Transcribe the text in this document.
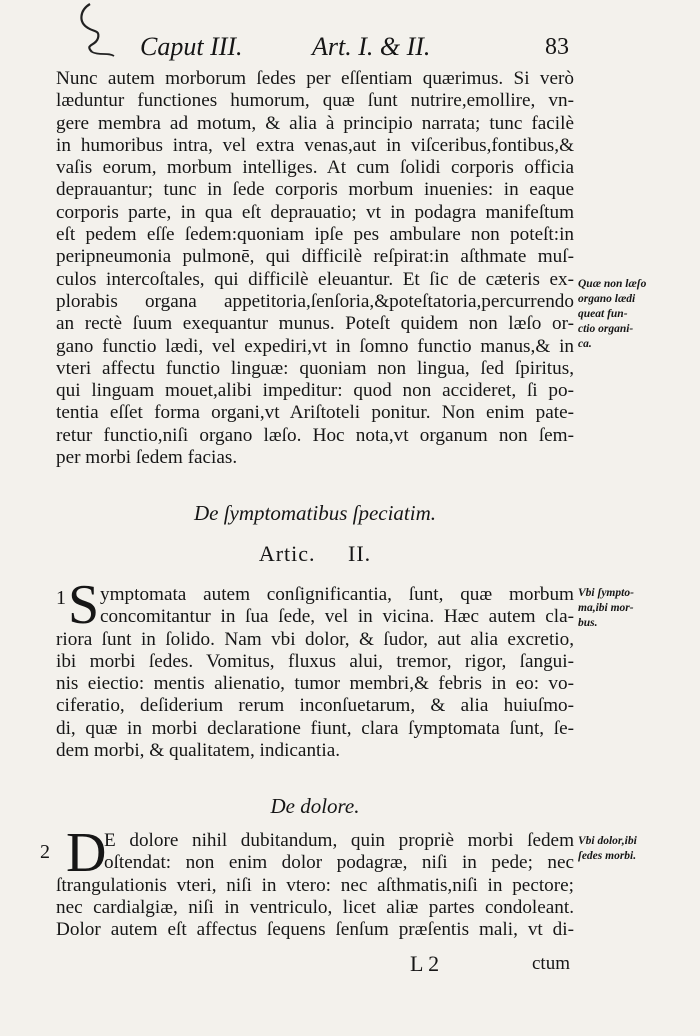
Caput III.	Art. I. & II.	83
Nunc autem morborum ſedes per eſſentiam quærimus. Si verò
læduntur functiones humorum, quæ ſunt nutrire,emollire, vn-
gere membra ad motum, & alia à principio narrata; tunc facilè
in humoribus intra, vel extra venas,aut in viſceribus,fontibus,&
vaſis eorum, morbum intelliges. At cum ſolidi corporis officia
deprauantur; tunc in ſede corporis morbum inuenies: in eaque
corporis parte, in qua eſt deprauatio; vt in podagra manifeſtum
eſt pedem eſſe ſedem:quoniam ipſe pes ambulare non poteſt:in
peripneumonia pulmonē, qui difficilè reſpirat:in aſthmate muſ-
culos intercoſtales, qui difficilè eleuantur. Et ſic de cæteris ex-
plorabis organa appetitoria,ſenſoria,&poteſtatoria,percurrendo
an rectè ſuum exequantur munus. Poteſt quidem non læſo or-
gano functio lædi, vel expediri,vt in ſomno functio manus,& in
vteri affectu functio linguæ: quoniam non lingua, ſed ſpiritus,
qui linguam mouet,alibi impeditur: quod non accideret, ſi po-
tentia eſſet forma organi,vt Ariſtoteli ponitur. Non enim pate-
retur functio,niſi organo læſo. Hoc nota,vt organum non ſem-
per morbi ſedem facias.
Quæ non læſo
organo lædi
queat fun-
ctio organi-
ca.
De ſymptomatibus ſpeciatim.
Artic. II.
1 S ymptomata autem conſignificantia, ſunt, quæ morbum
concomitantur in ſua ſede, vel in vicina. Hæc autem cla-
riora ſunt in ſolido. Nam vbi dolor, & ſudor, aut alia excretio,
ibi morbi ſedes. Vomitus, fluxus alui, tremor, rigor, ſangui-
nis eiectio: mentis alienatio, tumor membri,& febris in eo: vo-
ciferatio, deſiderium rerum inconſuetarum, & alia huiuſmo-
di, quæ in morbi declaratione fiunt, clara ſymptomata ſunt, ſe-
dem morbi, & qualitatem, indicantia.
Vbi ſympto-
ma,ibi mor-
bus.
De dolore.
2 D
E dolore nihil dubitandum, quin propriè morbi ſedem
oſtendat: non enim dolor podagræ, niſi in pede; nec
ſtrangulationis vteri, niſi in vtero: nec aſthmatis,niſi in pectore;
nec cardialgiæ, niſi in ventriculo, licet aliæ partes condoleant.
Dolor autem eſt affectus ſequens ſenſum præſentis mali, vt di-
Vbi dolor,ibi
ſedes morbi.
L 2	ctum
